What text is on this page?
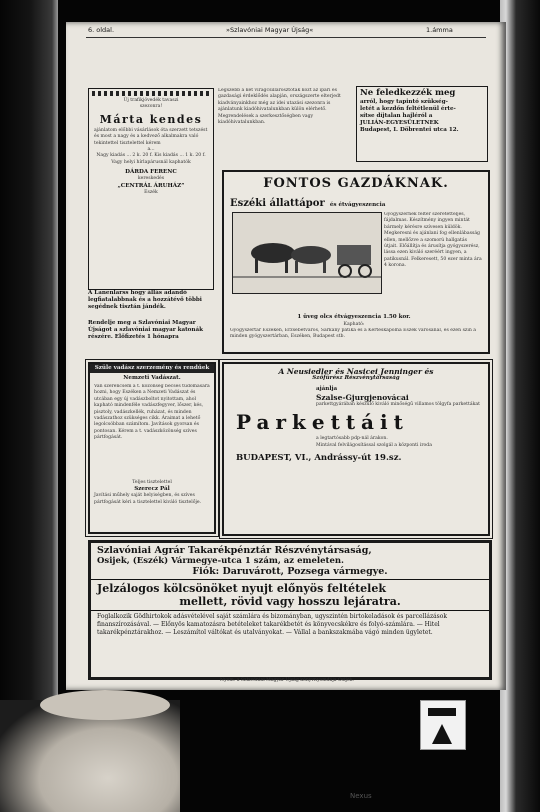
6. oldal.	»Szlavóniai Magyar Újság«	1.ámma
Új trafikjövedék tavaszi
szezonra!
Márta kendes
ajánlatom előbbi vásárlások óta szerzett tetszést és most a nagy és a kedvező alkalmakra való tekintettel tisztelettel kérem
a...
Nagy kiadás ... 2 k. 20 f. Kis kiadás ... 1 k. 20 f.
Vagy helyi hírlapárusnál kaphatók
DÁRDA FERENC
kereskedés
„CENTRÁL ÁRUHÁZ”
Eszék
A Lanenlarss hogy állás adandó legfiatalabbnak és a hozzátévő többi segédnek tisztán jándék.
Rendelje meg a Szlavóniai Magyar Újságot a szlavóniai magyar katonák részére. Előfizetés 1 hónapra
Legszebb a két virágcsillárosztotak közt az ipari és gazdasági érdeklődés alapján, országszerte elterjedt kiadványainkhoz még az idei utazási szezonra is ajánlatunk kiadóhivatalunkban külön elérhető. Megrendelések a szerkesztőségben vagy kiadóhivatalunkban.
Ne feledkezzék meg
arról, hogy tapintó szükség-
letét a kezdőn feltétlenül érte-
sítse díjtalan hajléról a
JULIÁN-EGYESÜLETNEK
Budapest, I. Döbrentei utca 12.
FONTOS GAZDÁKNAK.
Eszéki állattápor és étvágyeszencia
Gyógyszernek felter szeretetteljes, fájdalmas. Készítmény ingyen mintát bármely kérésre szívesen küldök. Megkeresni és ajánlani fog ellenlábasság ellen, mellőzve a szomorú hallgatás útjait. Előállítja és árusítja gyógyszerész, lássa ezen kiváló szeréért ingyen, a patikusnál. Felkeresett, 50 ezer minta ára 4 korona.
1 üveg olcs étvágyeszencia 1.50 kor.
Kapható:
Gyógyszertár Eszéken, Erzsébetváros, Sárkány patika és a Kerteskápolna Eszék városánál, és ezen szín a minden gyógyszertárban, Eszéken, Budapest stb.
Szüle vadász szerzemény és rendűek
Nemzeti Vadászat.
Van szerencsém a t. közönség becses tudomására hozni, hogy Eszéken a Nemzeti Vadászat és utcában egy új vadászboltot nyitottam, ahol kapható mindenféle vadászfegyver, lőszer, kés, pisztoly, vadászkellék, ruházat, és minden vadászathoz szükséges cikk. Áraimat a lehető legolcsóbban számítom. Javítások gyorsan és pontosan. Kérem a t. vadászközönség szíves pártfogását.
Teljes tisztelettel
Szerecz Pál
Javítási műhely saját helyiségben, és szíves pártfogását kéri a tisztelettel kiváló tisztelője.
A Neusiedler és Nasicei Jenninger és
Szőfürész Részvénytársaság
ajánlja
Szalse-Gjurgjenovácai
parkettgyárában készülő kiváló minőségű villamos tölgyfa parkettákat
Parkettáit
a legtartósabb pdp-nál árakon.
Mintával felvilágosítással szolgál a központi iroda
BUDAPEST, VI., Andrássy-út 19.sz.
Szlavóniai Agrár Takarékpénztár Részvénytársaság,
Osijek, (Eszék) Vármegye-utca 1 szám, az emeleten.
Fiók: Daruvárott, Pozsega vármegye.
Jelzálogos kölcsönöket nyujt előnyös feltételek
mellett, rövid vagy hosszu lejáratra.
Foglalkozik Gödhirtokok adásvételével saját számlára és bizományban, ugyszintén birtokeladások és parcellázások finanszírozásával. — Előnyös kamatozásra betételeket takarékbetét és könyvecskékre és folyó-számlára. — Hitel takarékpénztárakhoz. — Leszámítol váltókat és utalványokat. — Vállal a bankszakmába vágó minden ügyletet.
Nyom. a Szlavóniai Magyar Ujság könyvnyomdája Osijek.
Nexus
